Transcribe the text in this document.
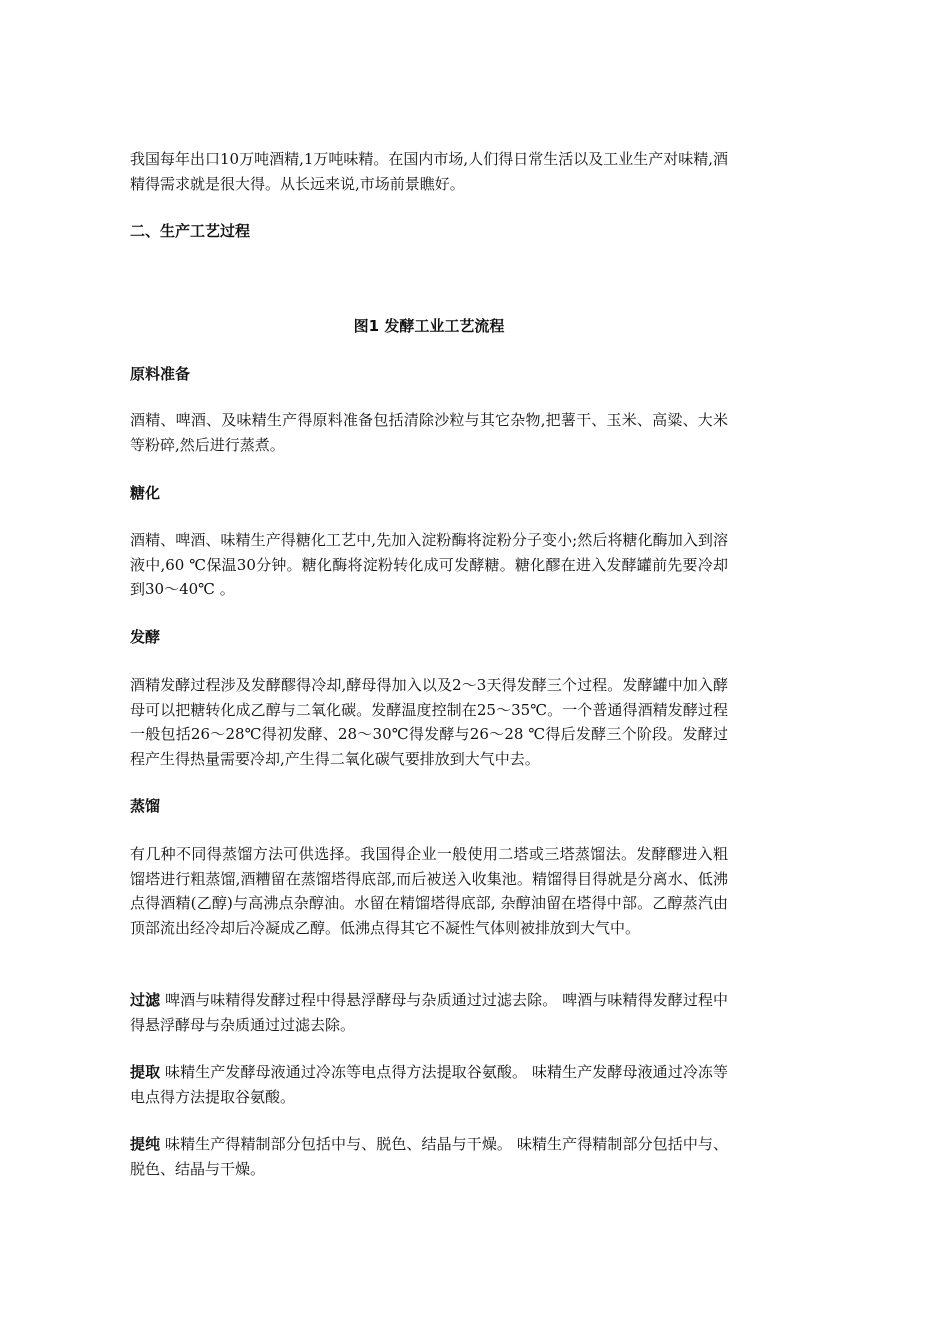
我国每年出口10万吨酒精,1万吨味精。在国内市场,人们得日常生活以及工业生产对味精,酒精得需求就是很大得。从长远来说,市场前景瞧好。

二、生产工艺过程

图1 发酵工业工艺流程

原料准备

酒精、啤酒、及味精生产得原料准备包括清除沙粒与其它杂物,把薯干、玉米、高粱、大米等粉碎,然后进行蒸煮。

糖化

酒精、啤酒、味精生产得糖化工艺中,先加入淀粉酶将淀粉分子变小;然后将糖化酶加入到溶液中,60 ℃保温30分钟。糖化酶将淀粉转化成可发酵糖。糖化醪在进入发酵罐前先要冷却到30～40℃ 。

发酵

酒精发酵过程涉及发酵醪得冷却,酵母得加入以及2～3天得发酵三个过程。发酵罐中加入酵母可以把糖转化成乙醇与二氧化碳。发酵温度控制在25～35℃。一个普通得酒精发酵过程一般包括26～28℃得初发酵、28～30℃得发酵与26～28 ℃得后发酵三个阶段。发酵过程产生得热量需要冷却,产生得二氧化碳气要排放到大气中去。

蒸馏

有几种不同得蒸馏方法可供选择。我国得企业一般使用二塔或三塔蒸馏法。发酵醪进入粗馏塔进行粗蒸馏,酒糟留在蒸馏塔得底部,而后被送入收集池。精馏得目得就是分离水、低沸点得酒精(乙醇)与高沸点杂醇油。水留在精馏塔得底部, 杂醇油留在塔得中部。乙醇蒸汽由顶部流出经冷却后冷凝成乙醇。低沸点得其它不凝性气体则被排放到大气中。

过滤 啤酒与味精得发酵过程中得悬浮酵母与杂质通过过滤去除。 啤酒与味精得发酵过程中得悬浮酵母与杂质通过过滤去除。

提取 味精生产发酵母液通过冷冻等电点得方法提取谷氨酸。 味精生产发酵母液通过冷冻等电点得方法提取谷氨酸。

提纯 味精生产得精制部分包括中与、脱色、结晶与干燥。 味精生产得精制部分包括中与、脱色、结晶与干燥。
